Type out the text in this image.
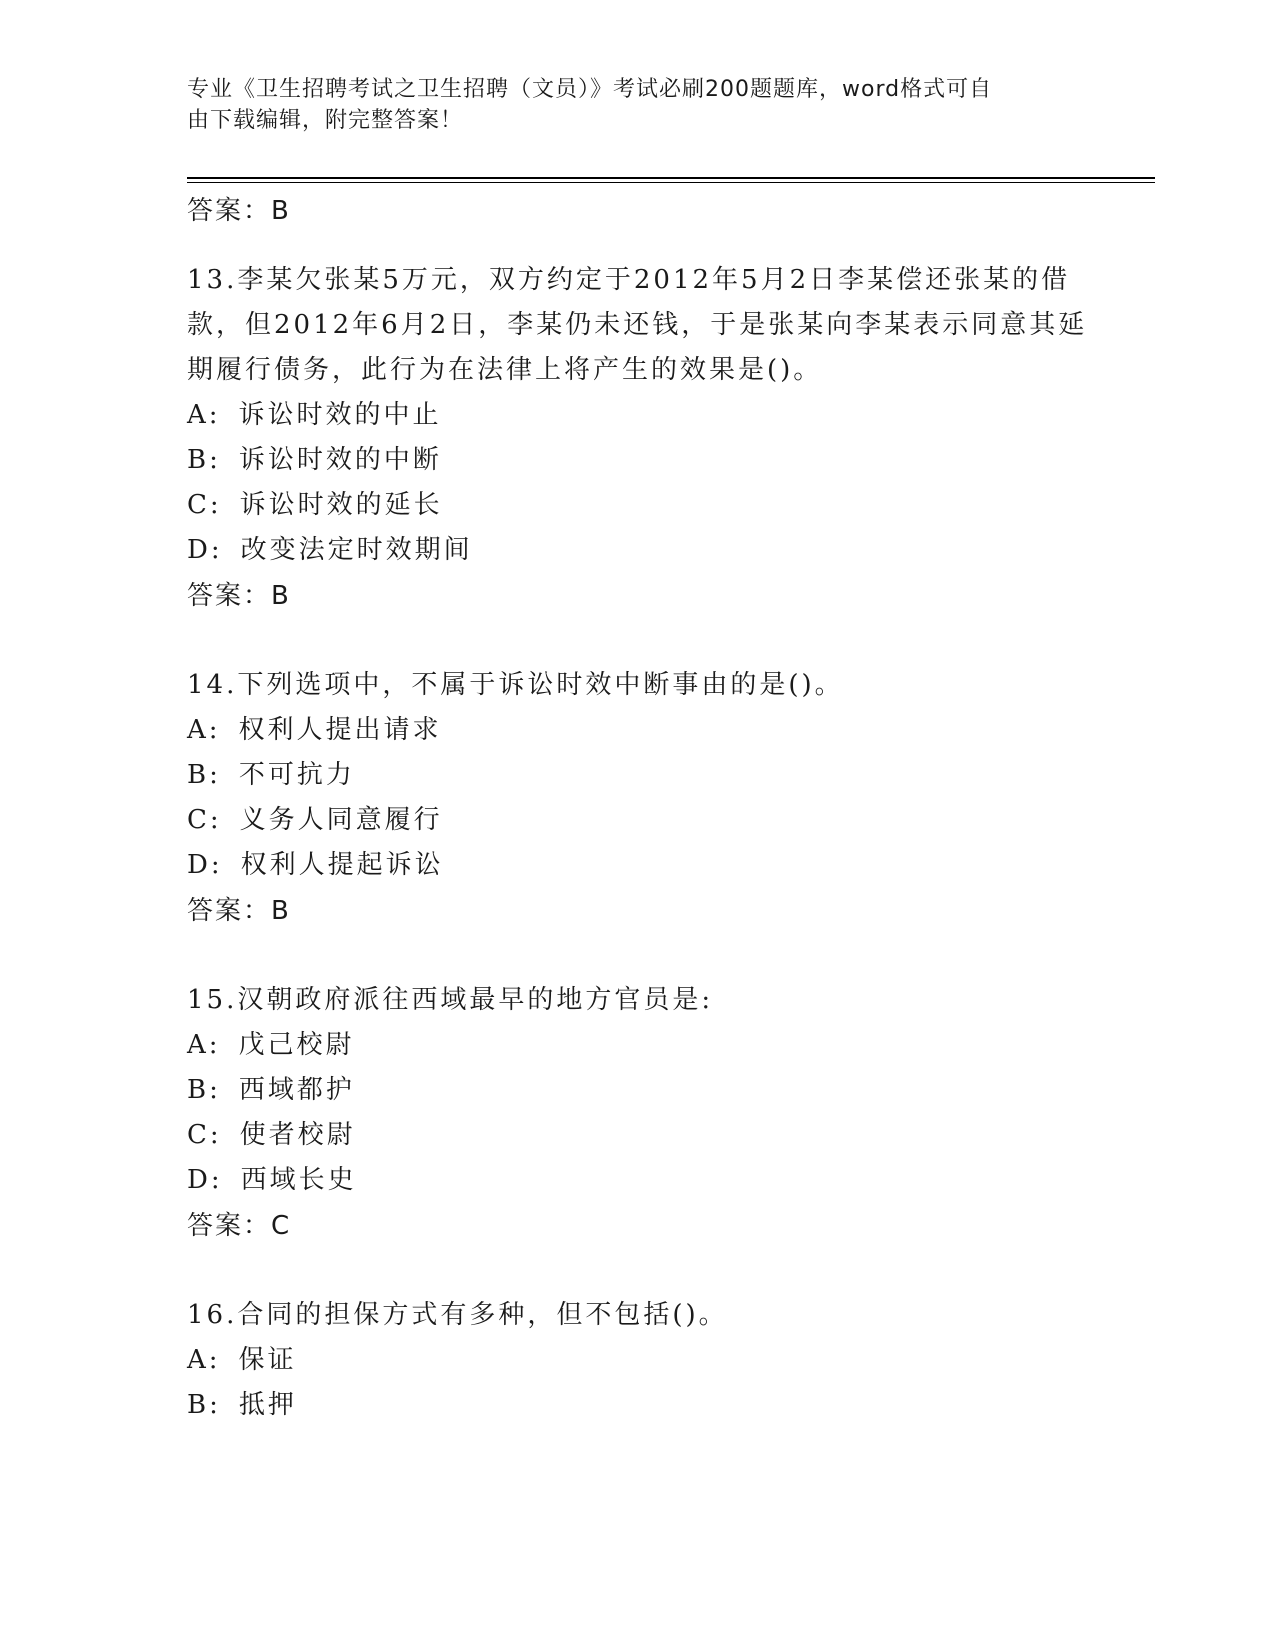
专业《卫生招聘考试之卫生招聘（文员）》考试必刷200题题库，word格式可自
由下载编辑，附完整答案！
答案：B
13.李某欠张某5万元，双方约定于2012年5月2日李某偿还张某的借款，但2012年6月2日，李某仍未还钱，于是张某向李某表示同意其延期履行债务，此行为在法律上将产生的效果是()。
A: 诉讼时效的中止
B: 诉讼时效的中断
C: 诉讼时效的延长
D: 改变法定时效期间
答案：B
14.下列选项中，不属于诉讼时效中断事由的是()。
A: 权利人提出请求
B: 不可抗力
C: 义务人同意履行
D: 权利人提起诉讼
答案：B
15.汉朝政府派往西域最早的地方官员是:
A: 戊己校尉
B: 西域都护
C: 使者校尉
D: 西域长史
答案：C
16.合同的担保方式有多种，但不包括()。
A: 保证
B: 抵押
